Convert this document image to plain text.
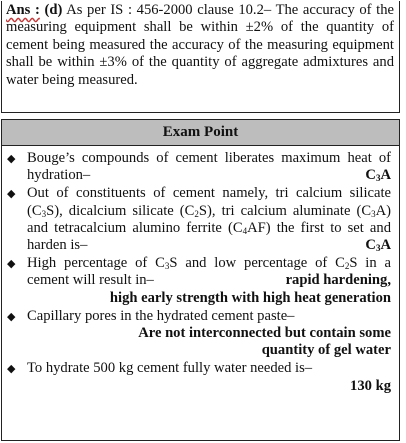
Ans : (d) As per IS : 456-2000 clause 10.2– The accuracy of the measuring equipment shall be within ±2% of the quantity of cement being measured the accuracy of the measuring equipment shall be within ±3% of the quantity of aggregate admixtures and water being measured.
Exam Point
◆ Bouge’s compounds of cement liberates maximum heat of hydration–	$C_3A$
◆ Out of constituents of cement namely, tri calcium silicate $(C_3S)$, dicalcium silicate $(C_2S)$, tri calcium aluminate $(C_3A)$ and tetracalcium alumino ferrite $(C_4AF)$ the first to set and harden is–	$C_3A$
◆ High percentage of $C_3S$ and low percentage of $C_2S$ in a cement will result in–	rapid hardening,
high early strength with high heat generation
◆ Capillary pores in the hydrated cement paste–
Are not interconnected but contain some
quantity of gel water
◆ To hydrate 500 kg cement fully water needed is–
130 kg
